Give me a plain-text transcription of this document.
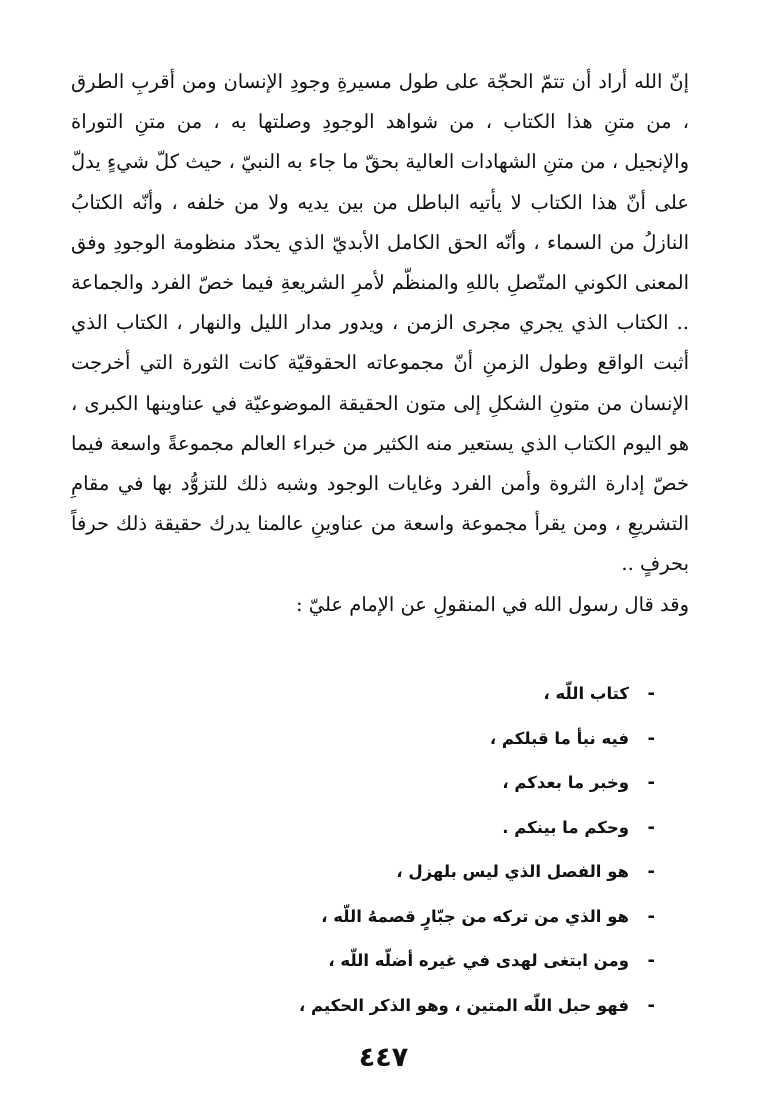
إنّ الله أراد أن تتمّ الحجّة على طول مسيرةِ وجودِ الإنسان ومن أقربِ الطرق ، من متنِ هذا الكتاب ، من شواهد الوجودِ وصلتها به ، من متنِ التوراة والإنجيل ، من متنِ الشهادات العالية بحقّ ما جاء به النبيّ ، حيث كلّ شيءٍ يدلّ على أنّ هذا الكتاب لا يأتيه الباطل من بين يديه ولا من خلفه ، وأنّه الكتابُ النازلُ من السماء ، وأنّه الحق الكامل الأبديّ الذي يحدّد منظومة الوجودِ وفق المعنى الكوني المتّصلِ باللهِ والمنظّم لأمرِ الشريعةِ فيما خصّ الفرد والجماعة .. الكتاب الذي يجري مجرى الزمن ، ويدور مدار الليل والنهار ، الكتاب الذي أثبت الواقع وطول الزمنِ أنّ مجموعاته الحقوقيّة كانت الثورة التي أخرجت الإنسان من متونِ الشكلِ إلى متون الحقيقة الموضوعيّة في عناوينها الكبرى ، هو اليوم الكتاب الذي يستعير منه الكثير من خبراء العالم مجموعةً واسعة فيما خصّ إدارة الثروة وأمن الفرد وغايات الوجود وشبه ذلك للتزوُّد بها في مقامِ التشريعِ ، ومن يقرأ مجموعة واسعة من عناوينِ عالمنا يدرك حقيقة ذلك حرفاً بحرفٍ ..

وقد قال رسول الله في المنقولِ عن الإمام عليّ :

-
كتاب اللّه ،
-
فيه نبأ ما قبلكم ،
-
وخبر ما بعدكم ،
-
وحكم ما بينكم .
-
هو الفصل الذي ليس بلهزل ،
-
هو الذي من تركه من جبّارٍ قصمهُ اللّه ،
-
ومن ابتغى لهدى في غيره أضلّه اللّه ،
-
فهو حبل اللّه المتين ، وهو الذكر الحكيم ،
٤٤٧
